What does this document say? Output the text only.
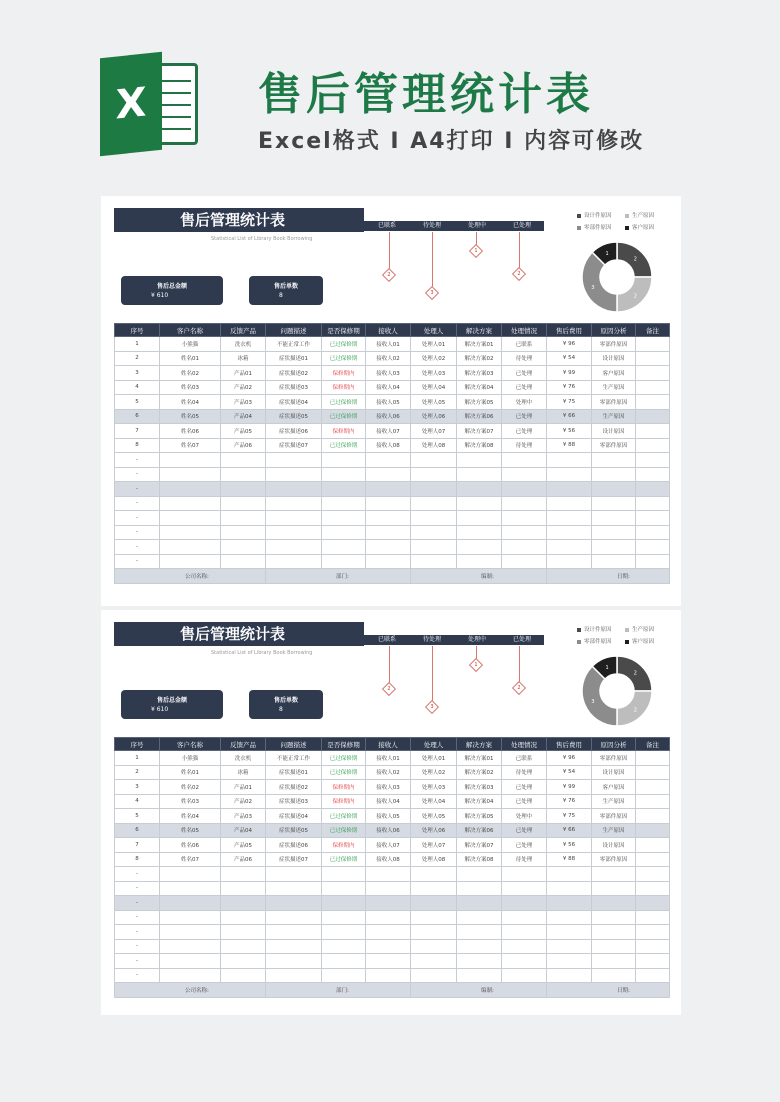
X	售后管理统计表
Excel格式 I A4打印 I 内容可修改
售后管理统计表
Statistical List of Library Book Borrowing
已联系	待处理	处理中	已处理
2
3
1
2
售后总金额
¥ 610
售后单数
8
设计件原因	生产原因
零部件原因	客户原因
2
2
3
1
序号	客户名称	反馈产品	问题描述	是否保修期	接收人	处理人	解决方案	处理情况	售后费用	原因分析	备注
1	小熊猫	洗衣机	不能正常工作	已过保修期	接收人01	处理人01	解决方案01	已联系	¥ 96	零部件原因	
2	姓名01	冰箱	症状描述01	已过保修期	接收人02	处理人02	解决方案02	待处理	¥ 54	设计原因	
3	姓名02	产品01	症状描述02	保修期内	接收人03	处理人03	解决方案03	已处理	¥ 99	客户原因	
4	姓名03	产品02	症状描述03	保修期内	接收人04	处理人04	解决方案04	已处理	¥ 76	生产原因	
5	姓名04	产品03	症状描述04	已过保修期	接收人05	处理人05	解决方案05	处理中	¥ 75	零部件原因	
6	姓名05	产品04	症状描述05	已过保修期	接收人06	处理人06	解决方案06	已处理	¥ 66	生产原因	
7	姓名06	产品05	症状描述06	保修期内	接收人07	处理人07	解决方案07	已处理	¥ 56	设计原因	
8	姓名07	产品06	症状描述07	已过保修期	接收人08	处理人08	解决方案08	待处理	¥ 88	零部件原因	
-											
-											
-											
-											
-											
-											
-											
-											
公司名称:			部门:			编制:			日期:		
售后管理统计表
Statistical List of Library Book Borrowing
已联系	待处理	处理中	已处理
2
3
1
2
售后总金额
¥ 610
售后单数
8
设计件原因	生产原因
零部件原因	客户原因
2
2
3
1
序号	客户名称	反馈产品	问题描述	是否保修期	接收人	处理人	解决方案	处理情况	售后费用	原因分析	备注
1	小熊猫	洗衣机	不能正常工作	已过保修期	接收人01	处理人01	解决方案01	已联系	¥ 96	零部件原因	
2	姓名01	冰箱	症状描述01	已过保修期	接收人02	处理人02	解决方案02	待处理	¥ 54	设计原因	
3	姓名02	产品01	症状描述02	保修期内	接收人03	处理人03	解决方案03	已处理	¥ 99	客户原因	
4	姓名03	产品02	症状描述03	保修期内	接收人04	处理人04	解决方案04	已处理	¥ 76	生产原因	
5	姓名04	产品03	症状描述04	已过保修期	接收人05	处理人05	解决方案05	处理中	¥ 75	零部件原因	
6	姓名05	产品04	症状描述05	已过保修期	接收人06	处理人06	解决方案06	已处理	¥ 66	生产原因	
7	姓名06	产品05	症状描述06	保修期内	接收人07	处理人07	解决方案07	已处理	¥ 56	设计原因	
8	姓名07	产品06	症状描述07	已过保修期	接收人08	处理人08	解决方案08	待处理	¥ 88	零部件原因	
-											
-											
-											
-											
-											
-											
-											
-											
公司名称:			部门:			编制:			日期:		
